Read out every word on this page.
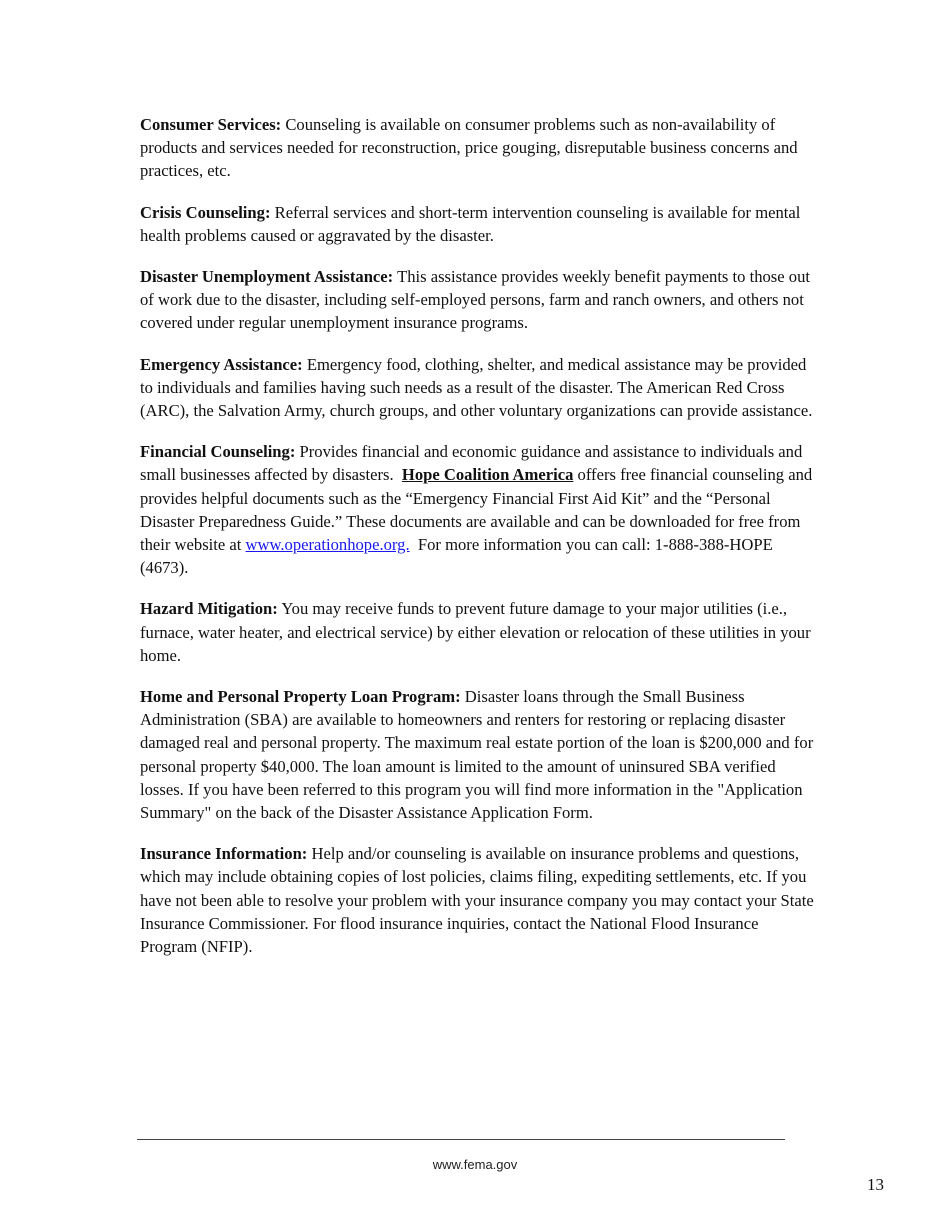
Consumer Services: Counseling is available on consumer problems such as non-availability of products and services needed for reconstruction, price gouging, disreputable business concerns and practices, etc.

Crisis Counseling: Referral services and short-term intervention counseling is available for mental health problems caused or aggravated by the disaster.

Disaster Unemployment Assistance: This assistance provides weekly benefit payments to those out of work due to the disaster, including self-employed persons, farm and ranch owners, and others not covered under regular unemployment insurance programs.

Emergency Assistance: Emergency food, clothing, shelter, and medical assistance may be provided to individuals and families having such needs as a result of the disaster. The American Red Cross (ARC), the Salvation Army, church groups, and other voluntary organizations can provide assistance.

Financial Counseling: Provides financial and economic guidance and assistance to individuals and small businesses affected by disasters. Hope Coalition America offers free financial counseling and provides helpful documents such as the “Emergency Financial First Aid Kit” and the “Personal Disaster Preparedness Guide.” These documents are available and can be downloaded for free from their website at www.operationhope.org. For more information you can call: 1-888-388-HOPE (4673).

Hazard Mitigation: You may receive funds to prevent future damage to your major utilities (i.e., furnace, water heater, and electrical service) by either elevation or relocation of these utilities in your home.

Home and Personal Property Loan Program: Disaster loans through the Small Business Administration (SBA) are available to homeowners and renters for restoring or replacing disaster damaged real and personal property. The maximum real estate portion of the loan is $200,000 and for personal property $40,000. The loan amount is limited to the amount of uninsured SBA verified losses. If you have been referred to this program you will find more information in the "Application Summary" on the back of the Disaster Assistance Application Form.

Insurance Information: Help and/or counseling is available on insurance problems and questions, which may include obtaining copies of lost policies, claims filing, expediting settlements, etc. If you have not been able to resolve your problem with your insurance company you may contact your State Insurance Commissioner. For flood insurance inquiries, contact the National Flood Insurance Program (NFIP).

www.fema.gov
13
